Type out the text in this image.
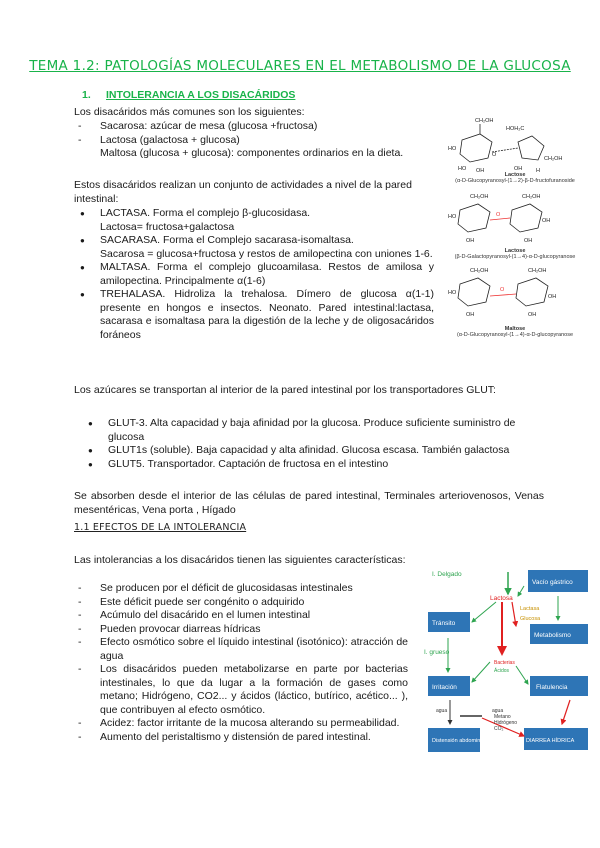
TEMA 1.2: PATOLOGÍAS MOLECULARES EN EL METABOLISMO DE LA GLUCOSA
1. INTOLERANCIA A LOS DISACÁRIDOS
Los disacáridos más comunes son los siguientes:
- Sacarosa: azúcar de mesa (glucosa +fructosa)
- Lactosa (galactosa + glucosa)
Maltosa (glucosa + glucosa): componentes ordinarios en la dieta.
Estos disacáridos realizan un conjunto de actividades a nivel de la pared intestinal:
● LACTASA. Forma el complejo β-glucosidasa.
Lactosa= fructosa+galactosa
● SACARASA. Forma el Complejo sacarasa-isomaltasa.
Sacarosa = glucosa+fructosa y restos de amilopectina con uniones 1-6.
● MALTASA. Forma el complejo glucoamilasa. Restos de amilosa y amilopectina. Principalmente α(1-6)
● TREHALASA. Hidroliza la trehalosa. Dímero de glucosa α(1-1) presente en hongos e insectos. Neonato. Pared intestinal:lactasa, sacarasa e isomaltasa para la digestión de la leche y de oligosacáridos foráneos
CH₂OH
HO
HO OH
O
HOH₂C
CH₂OH
OH	H
CH₂OH
HO
OH
CH₂OH
OH
OH
O
CH₂OH
HO
OH
CH₂OH
OH
OH
O
Lactose
(α-D-Glucopyranosyl-(1→2)-β-D-fructofuranoside
Lactose
(β-D-Galactopyranosyl-(1→4)-α-D-glucopyranose
Maltose
(α-D-Glucopyranosyl-(1→4)-α-D-glucopyranose
Los azúcares se transportan al interior de la pared intestinal por los transportadores GLUT:
● GLUT-3. Alta capacidad y baja afinidad por la glucosa. Produce suficiente suministro de glucosa
● GLUT1s (soluble). Baja capacidad y alta afinidad. Glucosa escasa. También galactosa
● GLUT5. Transportador. Captación de fructosa en el intestino
Se absorben desde el interior de las células de pared intestinal, Terminales arteriovenosos, Venas mesentéricas, Vena porta , Hígado
1.1 EFECTOS DE LA INTOLERANCIA
Las intolerancias a los disacáridos tienen las siguientes características:
- Se producen por el déficit de glucosidasas intestinales
- Este déficit puede ser congénito o adquirido
- Acúmulo del disacárido en el lumen intestinal
- Pueden provocar diarreas hídricas
- Efecto osmótico sobre el líquido intestinal (isotónico): atracción de agua
- Los disacáridos pueden metabolizarse en parte por bacterias intestinales, lo que da lugar a la formación de gases como metano; Hidrógeno, CO2... y ácidos (láctico, butírico, acético... ), que contribuyen al efecto osmótico.
- Acidez: factor irritante de la mucosa alterando su permeabilidad.
- Aumento del peristaltismo y distensión de pared intestinal.
Vacío gástrico
Tránsito
Metabolismo
Irritación	Flatulencia
Distensión abdominal	DIARREA HÍDRICA
I. Delgado
Lactosa
Lactasa
Glucosa
I. grueso
Bacterias
Ácidos
agua	agua
Metano
Hidrógeno
CO₂
